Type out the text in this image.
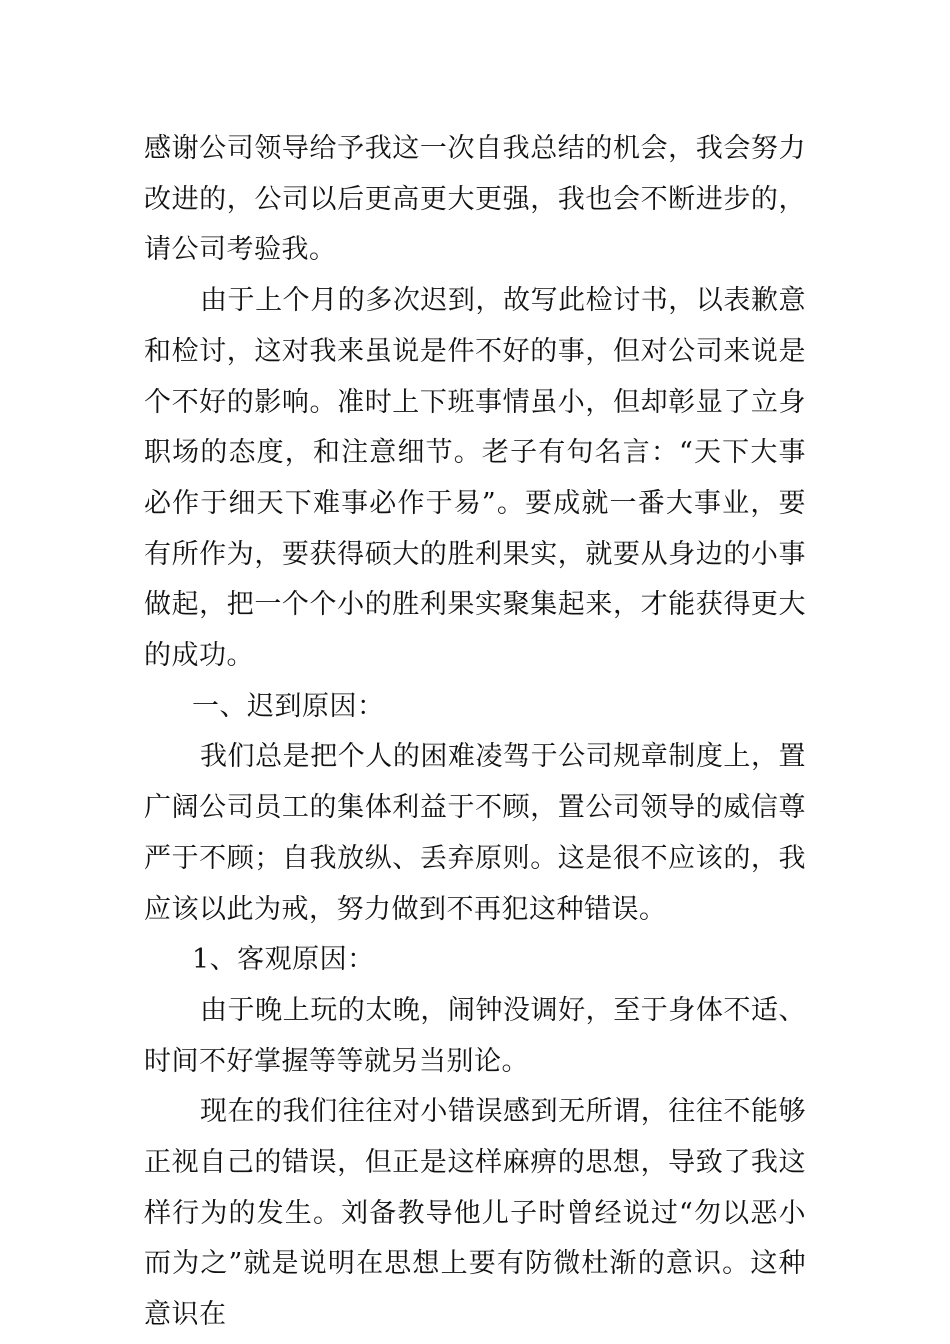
感谢公司领导给予我这一次自我总结的机会，我会努力改进的，公司以后更高更大更强，我也会不断进步的，请公司考验我。

由于上个月的多次迟到，故写此检讨书，以表歉意和检讨，这对我来虽说是件不好的事，但对公司来说是个不好的影响。准时上下班事情虽小，但却彰显了立身职场的态度，和注意细节。老子有句名言：“天下大事必作于细天下难事必作于易”。要成就一番大事业，要有所作为，要获得硕大的胜利果实，就要从身边的小事做起，把一个个小的胜利果实聚集起来，才能获得更大的成功。

一、迟到原因：

我们总是把个人的困难凌驾于公司规章制度上，置广阔公司员工的集体利益于不顾，置公司领导的威信尊严于不顾；自我放纵、丢弃原则。这是很不应该的，我应该以此为戒，努力做到不再犯这种错误。

1、客观原因：

由于晚上玩的太晚，闹钟没调好，至于身体不适、时间不好掌握等等就另当别论。

现在的我们往往对小错误感到无所谓，往往不能够正视自己的错误，但正是这样麻痹的思想，导致了我这样行为的发生。刘备教导他儿子时曾经说过“勿以恶小而为之”就是说明在思想上要有防微杜渐的意识。这种意识在
